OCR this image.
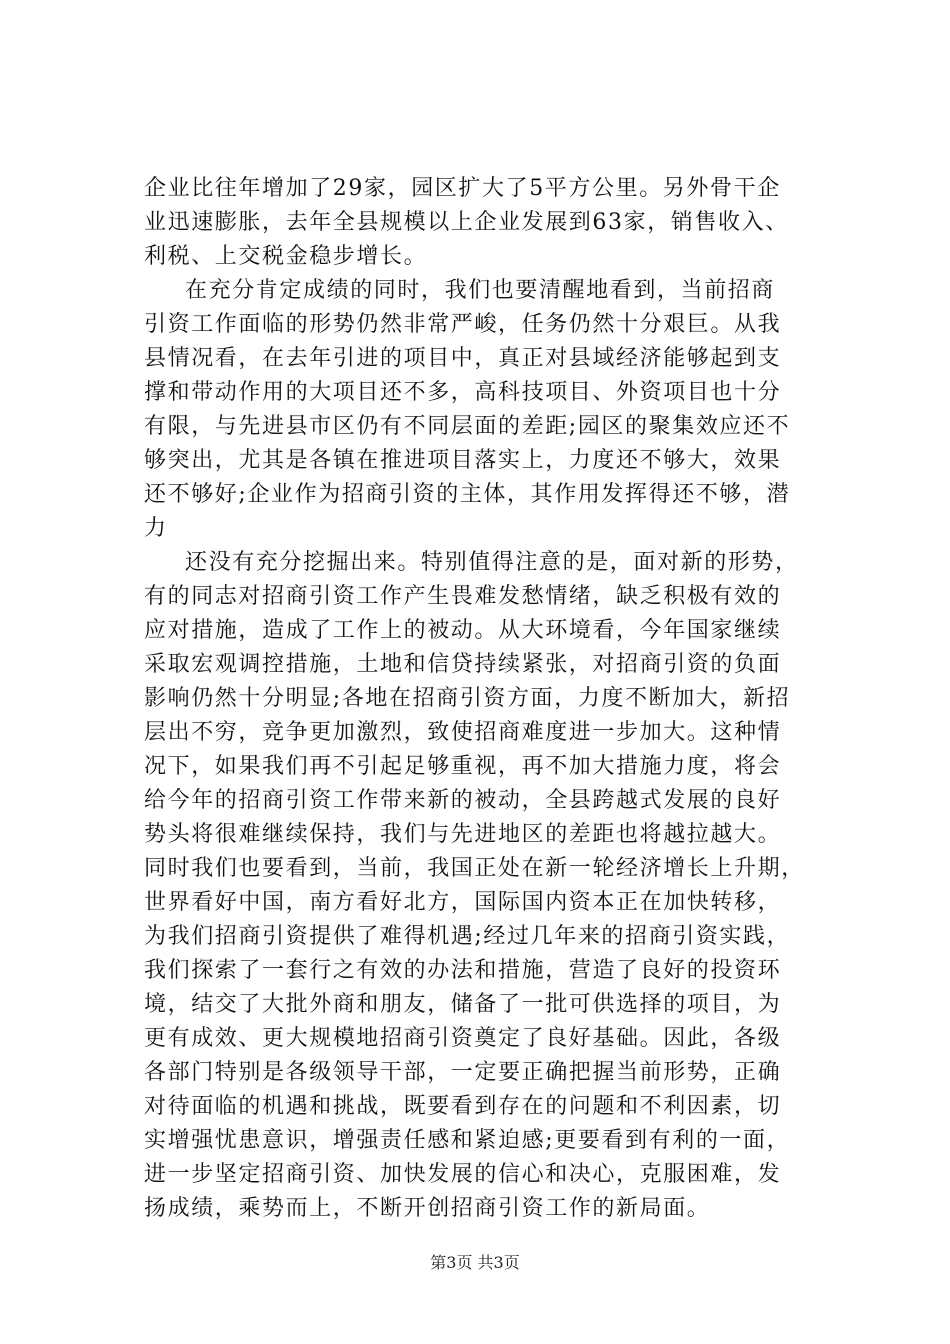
企业比往年增加了29家，园区扩大了5平方公里。另外骨干企
业迅速膨胀，去年全县规模以上企业发展到63家，销售收入、
利税、上交税金稳步增长。
在充分肯定成绩的同时，我们也要清醒地看到，当前招商
引资工作面临的形势仍然非常严峻，任务仍然十分艰巨。从我
县情况看，在去年引进的项目中，真正对县域经济能够起到支
撑和带动作用的大项目还不多，高科技项目、外资项目也十分
有限，与先进县市区仍有不同层面的差距;园区的聚集效应还不
够突出，尤其是各镇在推进项目落实上，力度还不够大，效果
还不够好;企业作为招商引资的主体，其作用发挥得还不够，潜
力
还没有充分挖掘出来。特别值得注意的是，面对新的形势，
有的同志对招商引资工作产生畏难发愁情绪，缺乏积极有效的
应对措施，造成了工作上的被动。从大环境看，今年国家继续
采取宏观调控措施，土地和信贷持续紧张，对招商引资的负面
影响仍然十分明显;各地在招商引资方面，力度不断加大，新招
层出不穷，竞争更加激烈，致使招商难度进一步加大。这种情
况下，如果我们再不引起足够重视，再不加大措施力度，将会
给今年的招商引资工作带来新的被动，全县跨越式发展的良好
势头将很难继续保持，我们与先进地区的差距也将越拉越大。
同时我们也要看到，当前，我国正处在新一轮经济增长上升期，
世界看好中国，南方看好北方，国际国内资本正在加快转移，
为我们招商引资提供了难得机遇;经过几年来的招商引资实践，
我们探索了一套行之有效的办法和措施，营造了良好的投资环
境，结交了大批外商和朋友，储备了一批可供选择的项目，为
更有成效、更大规模地招商引资奠定了良好基础。因此，各级
各部门特别是各级领导干部，一定要正确把握当前形势，正确
对待面临的机遇和挑战，既要看到存在的问题和不利因素，切
实增强忧患意识，增强责任感和紧迫感;更要看到有利的一面，
进一步坚定招商引资、加快发展的信心和决心，克服困难，发
扬成绩，乘势而上，不断开创招商引资工作的新局面。
第3页 共3页
